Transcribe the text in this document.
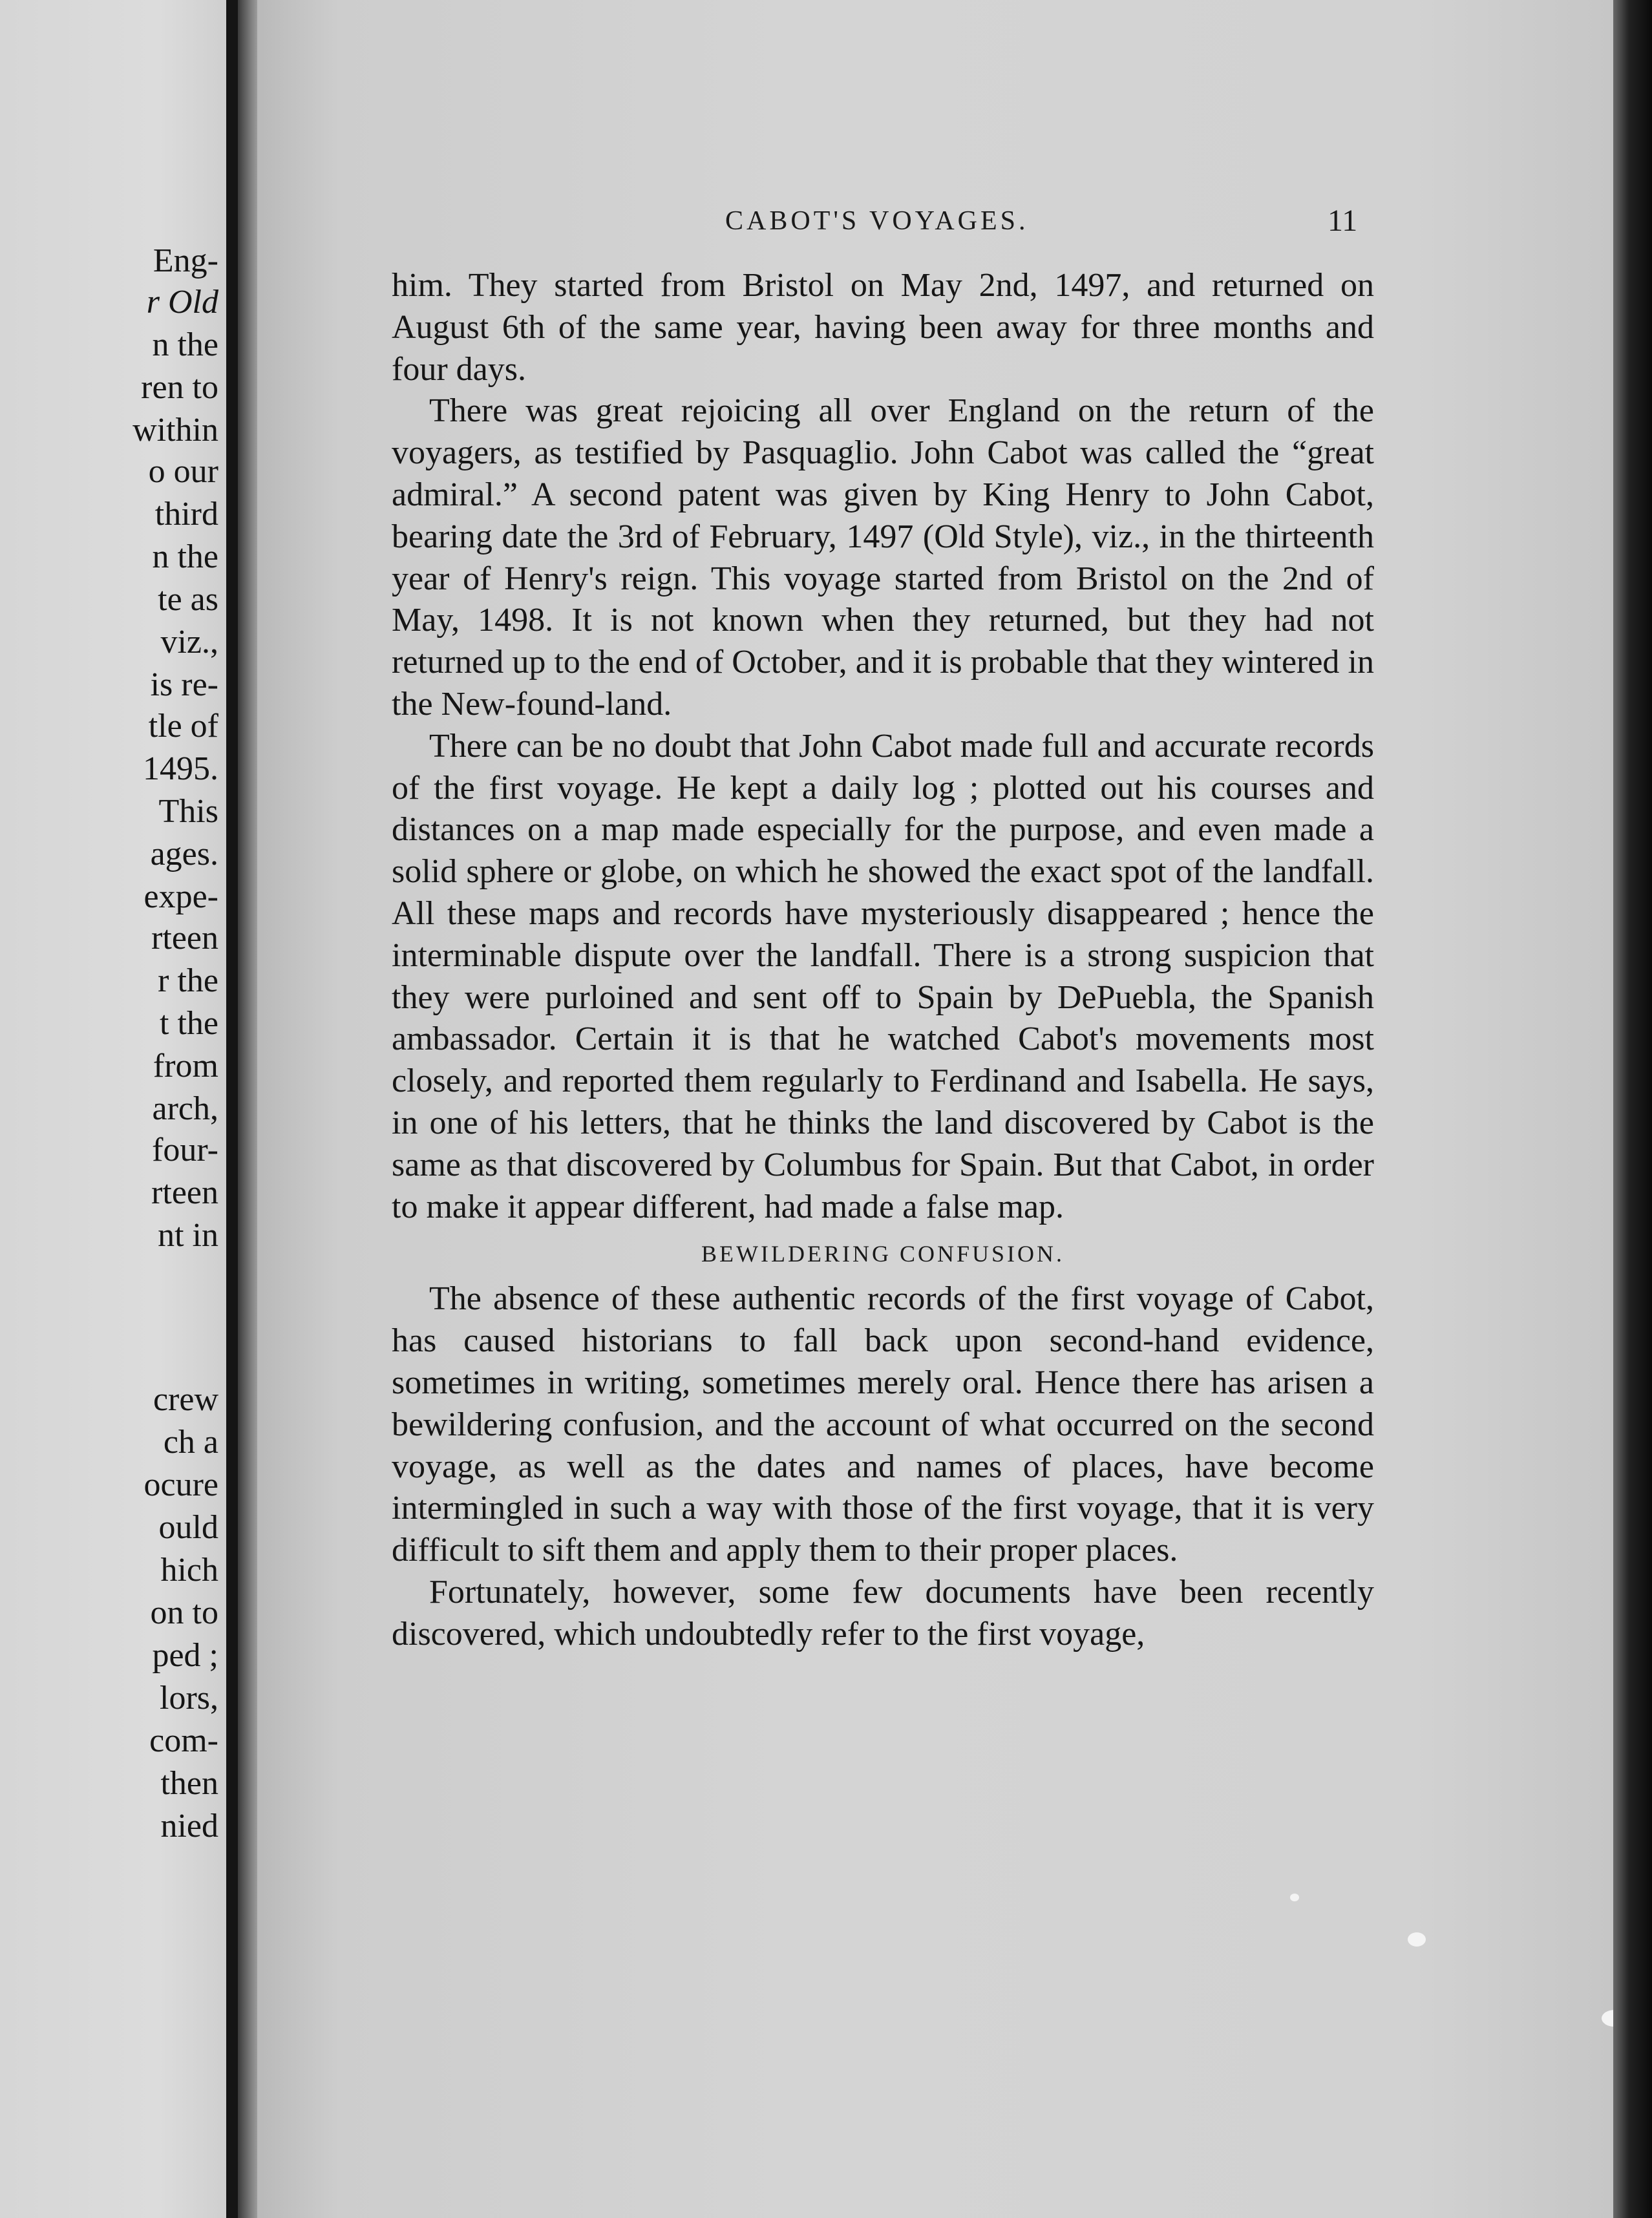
Eng-
r Old
n the
ren to
within
o our
third
n the
te as
viz.,
is re-
tle of
1495.
This
ages.
expe-
rteen
r the
t the
from
arch,
four-
rteen
nt in
crew
ch a
ocure
ould
hich
on to
ped ;
lors,
com-
then
nied
CABOT'S VOYAGES.	11

him. They started from Bristol on May 2nd, 1497, and returned on August 6th of the same year, having been away for three months and four days.

There was great rejoicing all over England on the return of the voyagers, as testified by Pasquaglio. John Cabot was called the “great admiral.” A second patent was given by King Henry to John Cabot, bearing date the 3rd of February, 1497 (Old Style), viz., in the thirteenth year of Henry's reign. This voyage started from Bristol on the 2nd of May, 1498. It is not known when they returned, but they had not returned up to the end of October, and it is probable that they wintered in the New-found-land.

There can be no doubt that John Cabot made full and accurate records of the first voyage. He kept a daily log ; plotted out his courses and distances on a map made especially for the purpose, and even made a solid sphere or globe, on which he showed the exact spot of the landfall. All these maps and records have mysteriously disappeared ; hence the interminable dispute over the landfall. There is a strong suspicion that they were purloined and sent off to Spain by DePuebla, the Spanish ambassador. Certain it is that he watched Cabot's movements most closely, and reported them regularly to Ferdinand and Isabella. He says, in one of his letters, that he thinks the land discovered by Cabot is the same as that discovered by Columbus for Spain. But that Cabot, in order to make it appear different, had made a false map.

BEWILDERING CONFUSION.

The absence of these authentic records of the first voyage of Cabot, has caused historians to fall back upon second-hand evidence, sometimes in writing, sometimes merely oral. Hence there has arisen a bewildering confusion, and the account of what occurred on the second voyage, as well as the dates and names of places, have become intermingled in such a way with those of the first voyage, that it is very difficult to sift them and apply them to their proper places.

Fortunately, however, some few documents have been recently discovered, which undoubtedly refer to the first voyage,
